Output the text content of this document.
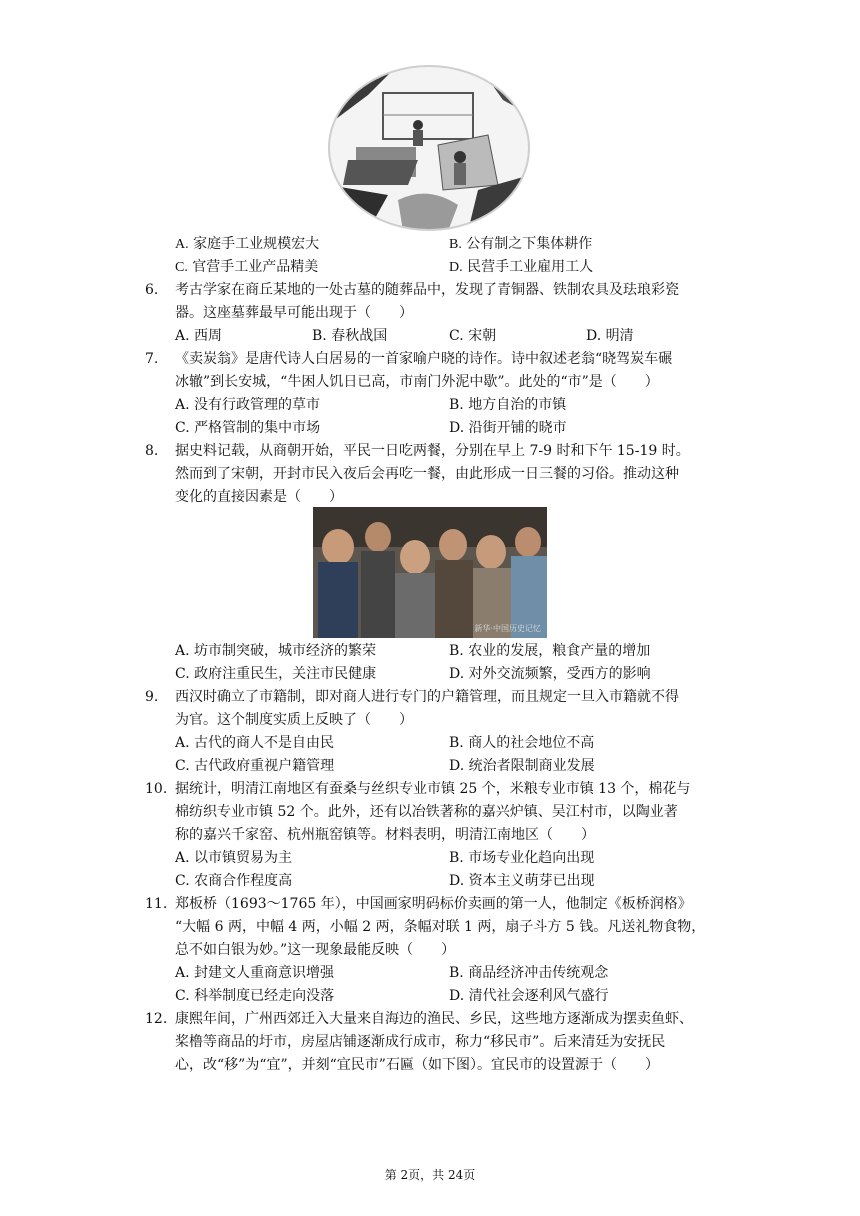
A. 家庭手工业规模宏大	B. 公有制之下集体耕作
C. 官营手工业产品精美	D. 民营手工业雇用工人
6. 考古学家在商丘某地的一处古墓的随葬品中，发现了青铜器、铁制农具及珐琅彩瓷
器。这座墓葬最早可能出现于（　　）
A. 西周	B. 春秋战国	C. 宋朝	D. 明清
7. 《卖炭翁》是唐代诗人白居易的一首家喻户晓的诗作。诗中叙述老翁“晓驾炭车碾
冰辙”到长安城，“牛困人饥日已高，市南门外泥中歇”。此处的“市”是（　　）
A. 没有行政管理的草市	B. 地方自治的市镇
C. 严格管制的集中市场	D. 沿街开铺的晓市
8. 据史料记载，从商朝开始，平民一日吃两餐，分别在早上 7-9 时和下午 15-19 时。
然而到了宋朝，开封市民入夜后会再吃一餐，由此形成一日三餐的习俗。推动这种
变化的直接因素是（　　）
新华·中国历史记忆
A. 坊市制突破，城市经济的繁荣	B. 农业的发展，粮食产量的增加
C. 政府注重民生，关注市民健康	D. 对外交流频繁，受西方的影响
9. 西汉时确立了市籍制，即对商人进行专门的户籍管理，而且规定一旦入市籍就不得
为官。这个制度实质上反映了（　　）
A. 古代的商人不是自由民	B. 商人的社会地位不高
C. 古代政府重视户籍管理	D. 统治者限制商业发展
10. 据统计，明清江南地区有蚕桑与丝织专业市镇 25 个，米粮专业市镇 13 个，棉花与
棉纺织专业市镇 52 个。此外，还有以冶铁著称的嘉兴炉镇、吴江村市，以陶业著
称的嘉兴千家窑、杭州瓶窑镇等。材料表明，明清江南地区（　　）
A. 以市镇贸易为主	B. 市场专业化趋向出现
C. 农商合作程度高	D. 资本主义萌芽已出现
11. 郑板桥（1693～1765 年），中国画家明码标价卖画的第一人，他制定《板桥润格》
“大幅 6 两，中幅 4 两，小幅 2 两，条幅对联 1 两，扇子斗方 5 钱。凡送礼物食物，
总不如白银为妙。”这一现象最能反映（　　）
A. 封建文人重商意识增强	B. 商品经济冲击传统观念
C. 科举制度已经走向没落	D. 清代社会逐利风气盛行
12. 康熙年间，广州西郊迁入大量来自海边的渔民、乡民，这些地方逐渐成为摆卖鱼虾、
桨橹等商品的圩市，房屋店铺逐渐成行成市，称力“移民市”。后来清廷为安抚民
心，改“移”为“宜”，并刻“宜民市”石匾（如下图）。宜民市的设置源于（　　）
第 2页，共 24页
